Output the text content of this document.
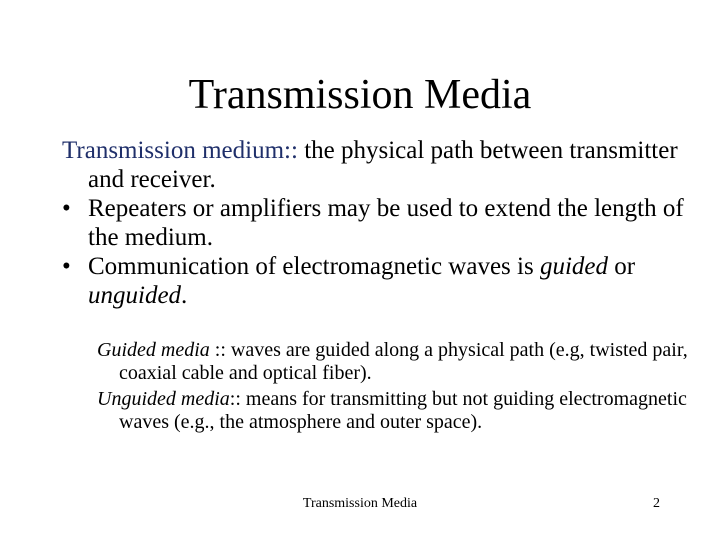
Transmission Media

Transmission medium:: the physical path between transmitter and receiver.

• Repeaters or amplifiers may be used to extend the length of the medium.

• Communication of electromagnetic waves is guided or unguided.

Guided media :: waves are guided along a physical path (e.g, twisted pair, coaxial cable and optical fiber).

Unguided media:: means for transmitting but not guiding electromagnetic waves (e.g., the atmosphere and outer space).

Transmission Media	2
